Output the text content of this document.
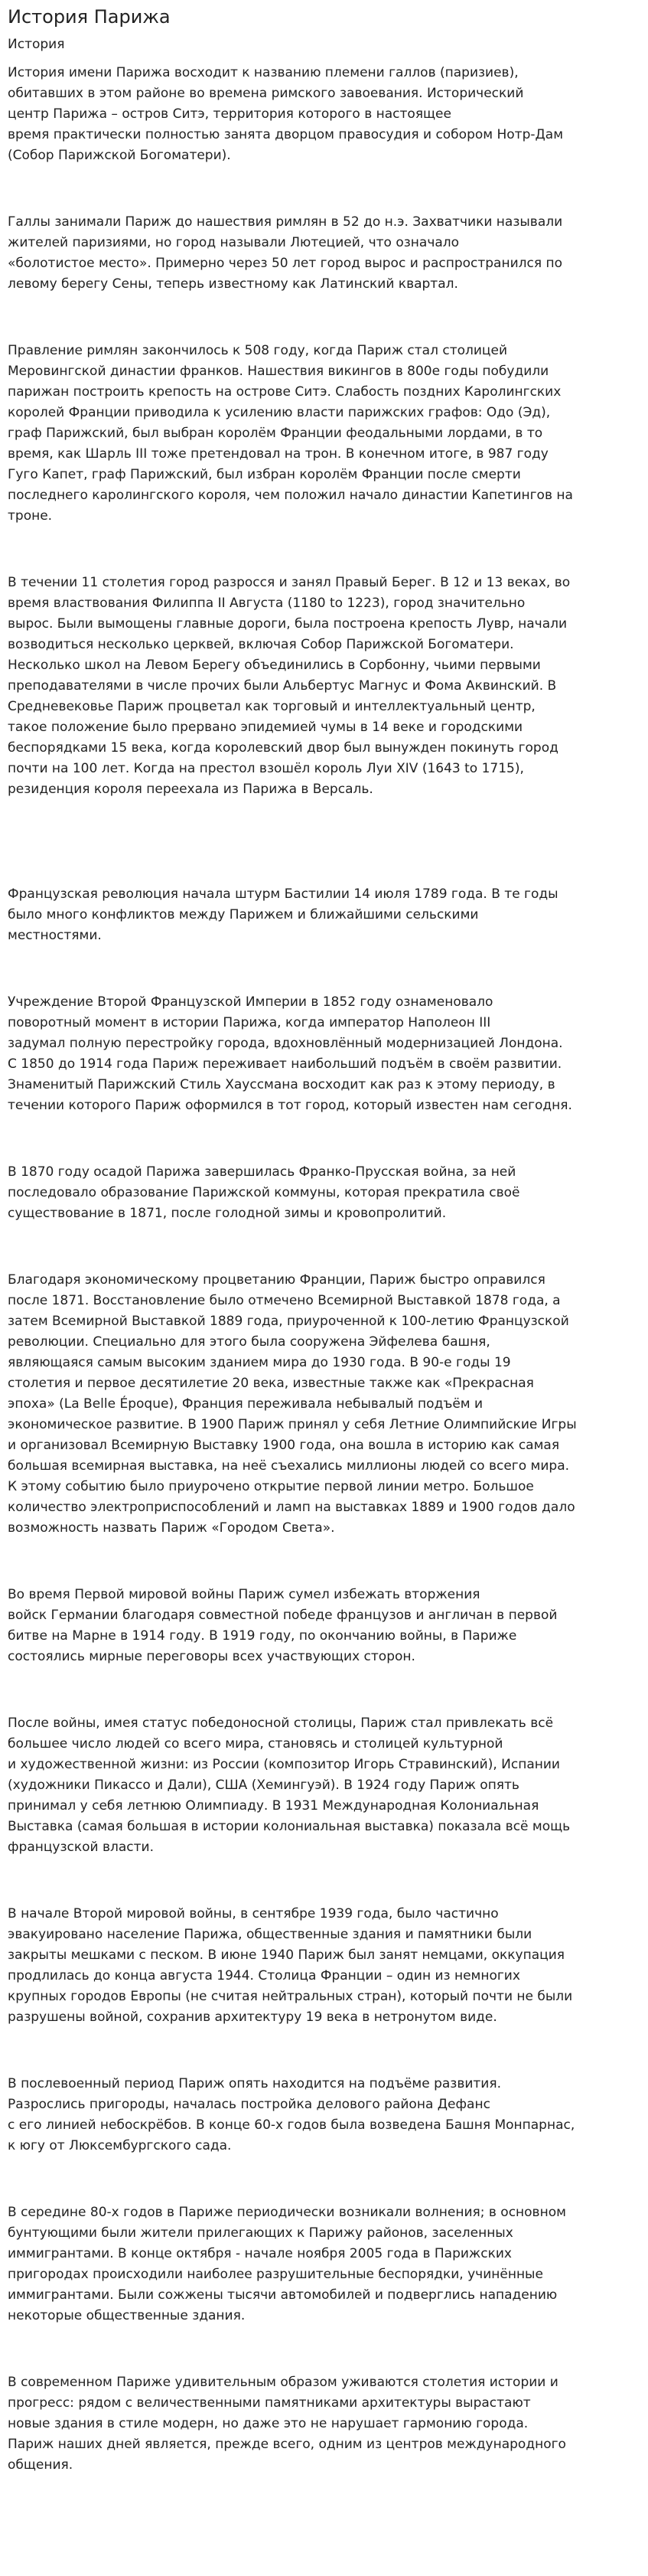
История Парижа
История

История имени Парижа восходит к названию племени галлов (паризиев),
обитавших в этом районе во времена римского завоевания. Исторический
центр Парижа – остров Ситэ, территория которого в настоящее
время практически полностью занята дворцом правосудия и собором Нотр-Дам
(Собор Парижской Богоматери).

Галлы занимали Париж до нашествия римлян в 52 до н.э. Захватчики называли
жителей паризиями, но город называли Лютецией, что означало
«болотистое место». Примерно через 50 лет город вырос и распространился по
левому берегу Сены, теперь известному как Латинский квартал.

Правление римлян закончилось к 508 году, когда Париж стал столицей
Меровингской династии франков. Нашествия викингов в 800е годы побудили
парижан построить крепость на острове Ситэ. Слабость поздних Каролингских
королей Франции приводила к усилению власти парижских графов: Одо (Эд),
граф Парижский, был выбран королём Франции феодальными лордами, в то
время, как Шарль III тоже претендовал на трон. В конечном итоге, в 987 году
Гуго Капет, граф Парижский, был избран королём Франции после смерти
последнего каролингского короля, чем положил начало династии Капетингов на
троне.

В течении 11 столетия город разросся и занял Правый Берег. В 12 и 13 веках, во
время властвования Филиппа II Августа (1180 to 1223), город значительно
вырос. Были вымощены главные дороги, была построена крепость Лувр, начали
возводиться несколько церквей, включая Собор Парижской Богоматери.
Несколько школ на Левом Берегу объединились в Сорбонну, чьими первыми
преподавателями в числе прочих были Альбертус Магнус и Фома Аквинский. В
Средневековье Париж процветал как торговый и интеллектуальный центр,
такое положение было прервано эпидемией чумы в 14 веке и городскими
беспорядками 15 века, когда королевский двор был вынужден покинуть город
почти на 100 лет. Когда на престол взошёл король Луи XIV (1643 to 1715),
резиденция короля переехала из Парижа в Версаль.

Французская революция начала штурм Бастилии 14 июля 1789 года. В те годы
было много конфликтов между Парижем и ближайшими сельскими
местностями.

Учреждение Второй Французской Империи в 1852 году ознаменовало
поворотный момент в истории Парижа, когда император Наполеон III
задумал полную перестройку города, вдохновлённый модернизацией Лондона.
С 1850 до 1914 года Париж переживает наибольший подъём в своём развитии.
Знаменитый Парижский Стиль Хауссмана восходит как раз к этому периоду, в
течении которого Париж оформился в тот город, который известен нам сегодня.

В 1870 году осадой Парижа завершилась Франко-Прусская война, за ней
последовало образование Парижской коммуны, которая прекратила своё
существование в 1871, после голодной зимы и кровопролитий.

Благодаря экономическому процветанию Франции, Париж быстро оправился
после 1871. Восстановление было отмечено Всемирной Выставкой 1878 года, а
затем Всемирной Выставкой 1889 года, приуроченной к 100-летию Французской
революции. Специально для этого была сооружена Эйфелева башня,
являющаяся самым высоким зданием мира до 1930 года. В 90-е годы 19
столетия и первое десятилетие 20 века, известные также как «Прекрасная
эпоха» (La Belle Époque), Франция переживала небывалый подъём и
экономическое развитие. В 1900 Париж принял у себя Летние Олимпийские Игры
и организовал Всемирную Выставку 1900 года, она вошла в историю как самая
большая всемирная выставка, на неё съехались миллионы людей со всего мира.
К этому событию было приурочено открытие первой линии метро. Большое
количество электроприспособлений и ламп на выставках 1889 и 1900 годов дало
возможность назвать Париж «Городом Света».

Во время Первой мировой войны Париж сумел избежать вторжения
войск Германии благодаря совместной победе французов и англичан в первой
битве на Марне в 1914 году. В 1919 году, по окончанию войны, в Париже
состоялись мирные переговоры всех участвующих сторон.

После войны, имея статус победоносной столицы, Париж стал привлекать всё
большее число людей со всего мира, становясь и столицей культурной
и художественной жизни: из России (композитор Игорь Стравинский), Испании
(художники Пикассо и Дали), США (Хемингуэй). В 1924 году Париж опять
принимал у себя летнюю Олимпиаду. В 1931 Международная Колониальная
Выставка (самая большая в истории колониальная выставка) показала всё мощь
французской власти.

В начале Второй мировой войны, в сентябре 1939 года, было частично
эвакуировано население Парижа, общественные здания и памятники были
закрыты мешками с песком. В июне 1940 Париж был занят немцами, оккупация
продлилась до конца августа 1944. Столица Франции – один из немногих
крупных городов Европы (не считая нейтральных стран), который почти не были
разрушены войной, сохранив архитектуру 19 века в нетронутом виде.

В послевоенный период Париж опять находится на подъёме развития.
Разрослись пригороды, началась постройка делового района Дефанс
с его линией небоскрёбов. В конце 60-х годов была возведена Башня Монпарнас,
к югу от Люксембургского сада.

В середине 80-х годов в Париже периодически возникали волнения; в основном
бунтующими были жители прилегающих к Парижу районов, заселенных
иммигрантами. В конце октября - начале ноября 2005 года в Парижских
пригородах происходили наиболее разрушительные беспорядки, учинённые
иммигрантами. Были сожжены тысячи автомобилей и подверглись нападению
некоторые общественные здания.

В современном Париже удивительным образом уживаются столетия истории и
прогресс: рядом с величественными памятниками архитектуры вырастают
новые здания в стиле модерн, но даже это не нарушает гармонию города.
Париж наших дней является, прежде всего, одним из центров международного
общения.
